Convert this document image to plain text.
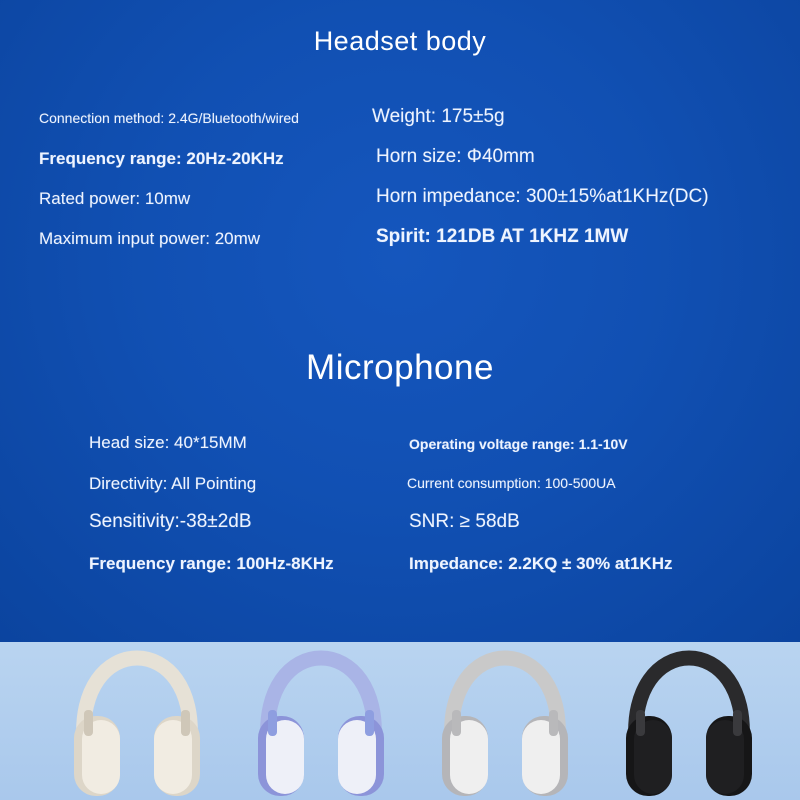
Headset body
Connection method: 2.4G/Bluetooth/wired	Weight: 175±5g
Frequency range: 20Hz-20KHz	Horn size: Φ40mm
Rated power: 10mw	Horn impedance: 300±15%at1KHz(DC)
Maximum input power: 20mw	Spirit: 121DB AT 1KHZ 1MW
Microphone
Head size: 40*15MM	Operating voltage range: 1.1-10V
Directivity: All Pointing	Current consumption: 100-500UA
Sensitivity:-38±2dB	SNR: ≥ 58dB
Frequency range: 100Hz-8KHz	Impedance: 2.2KQ ± 30% at1KHz
